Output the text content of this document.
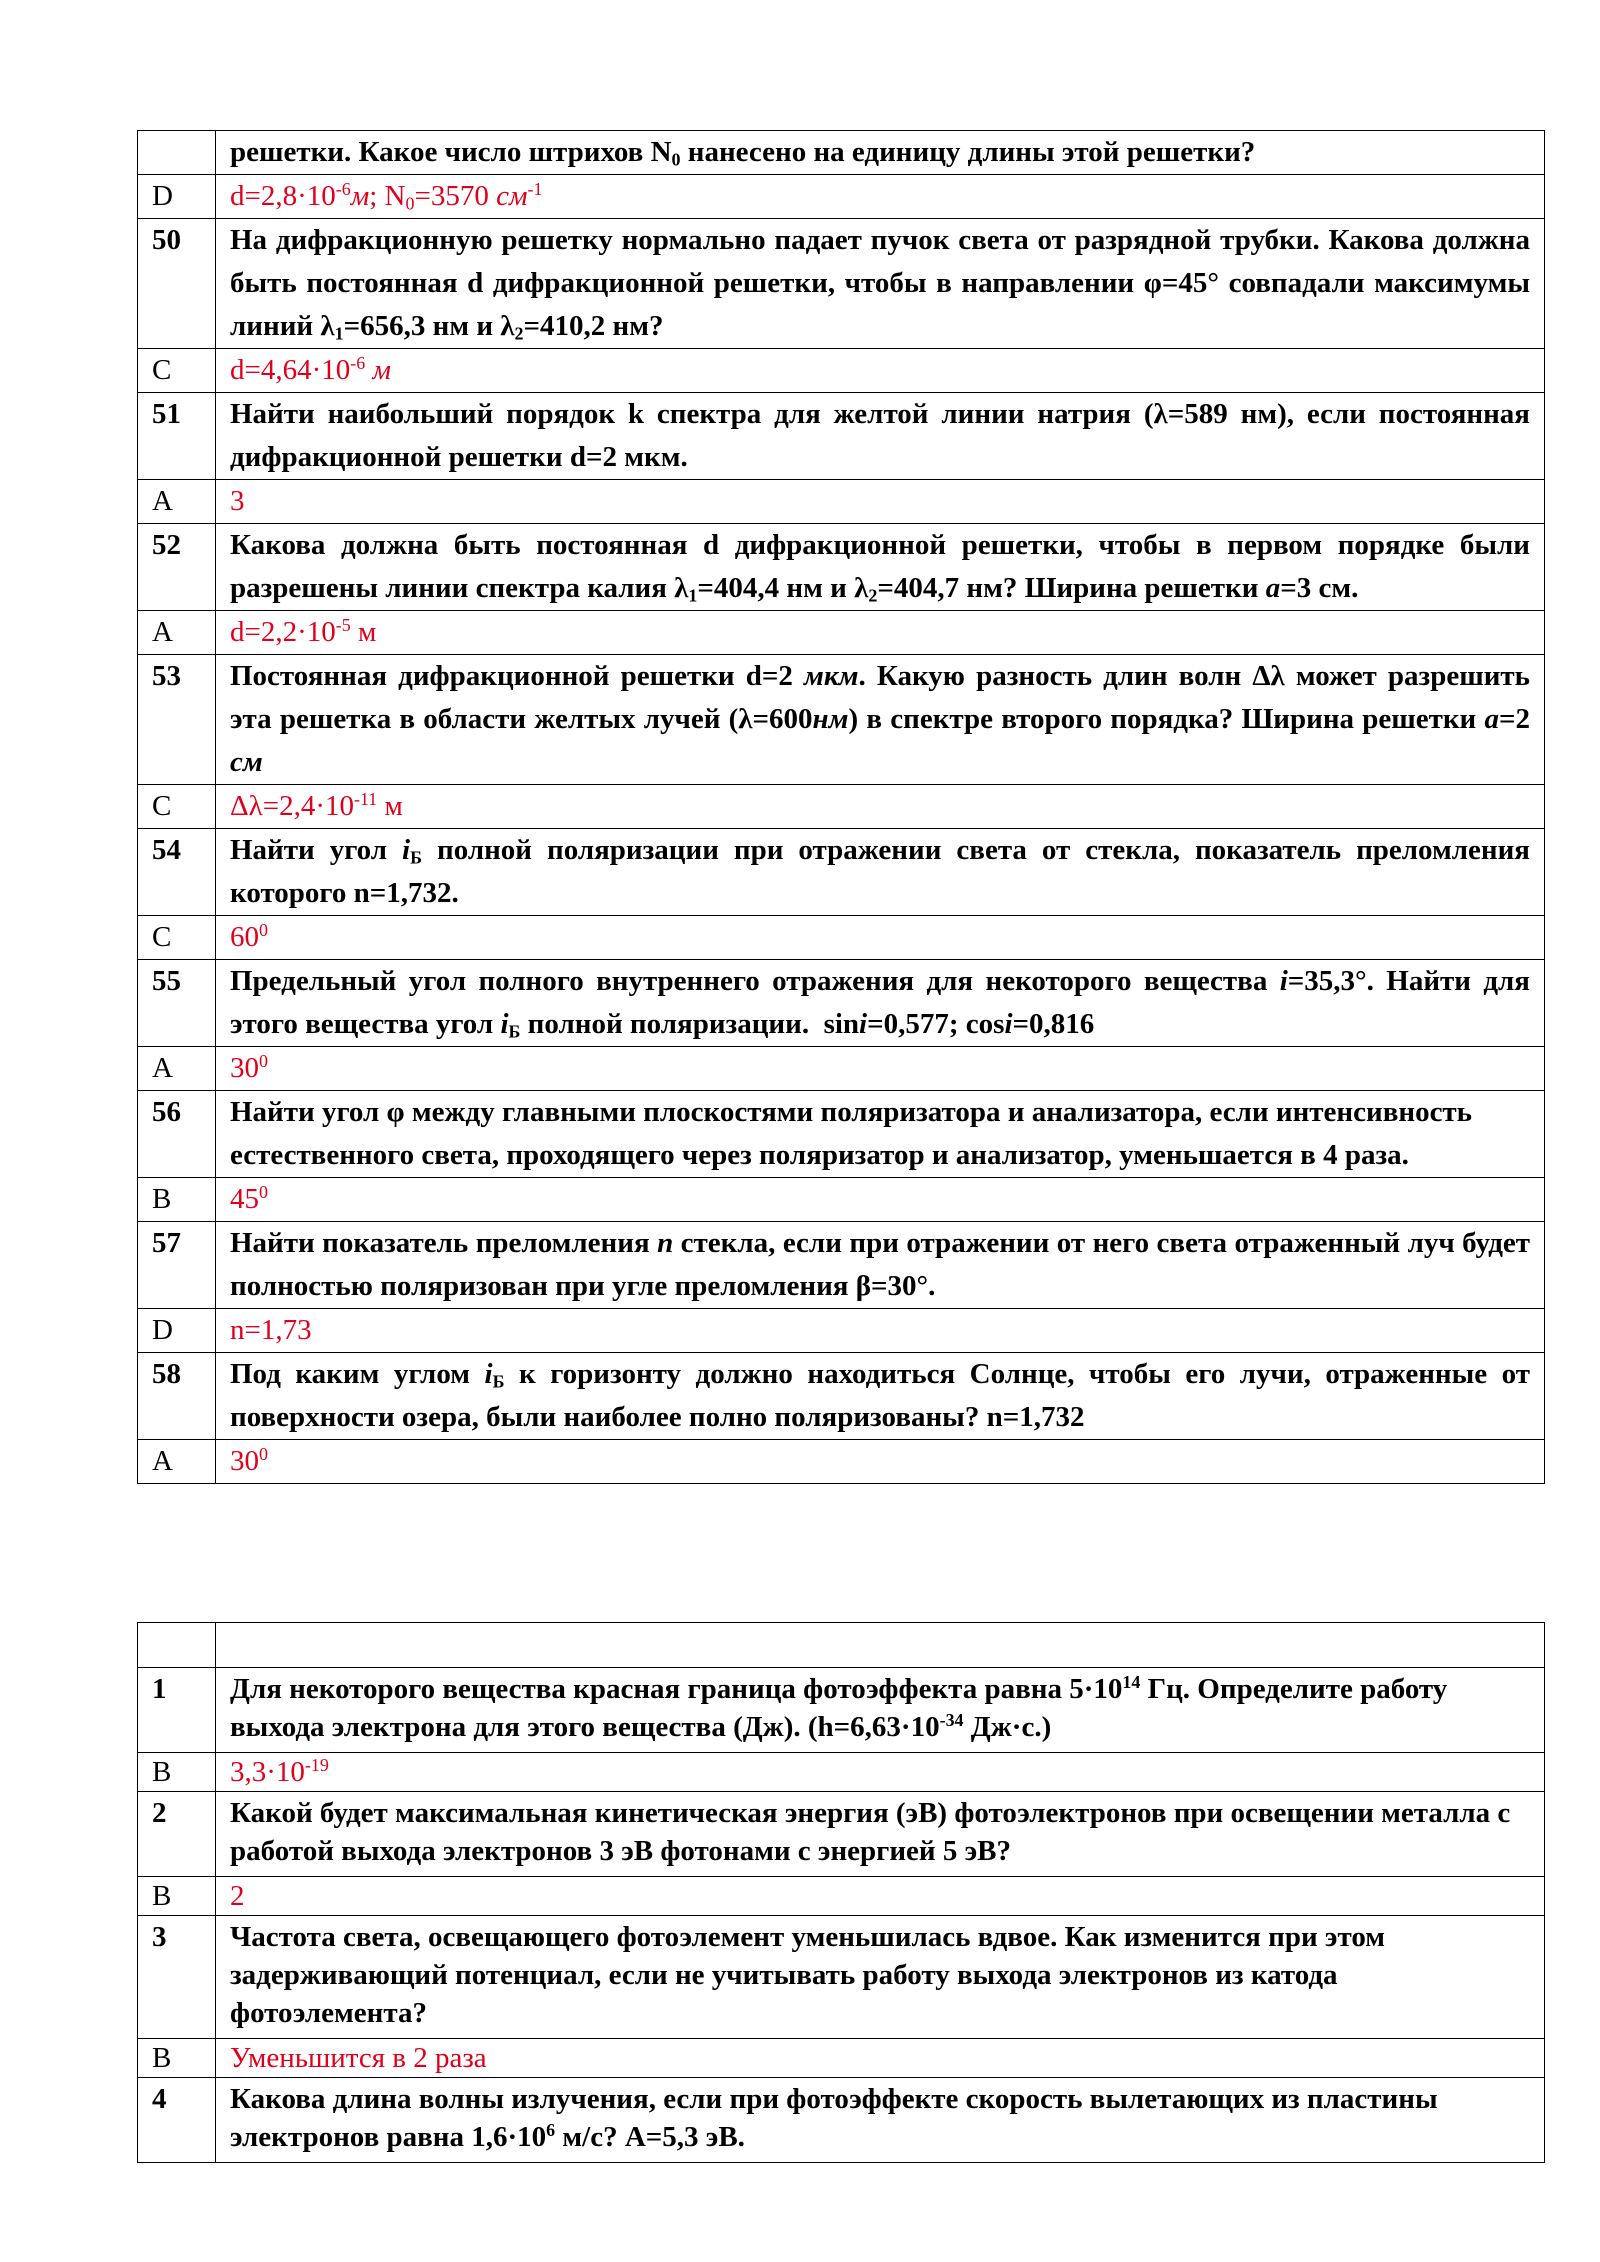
	решетки. Какое число штрихов $N_0$ нанесено на единицу длины этой решетки?
D	$d=2,8\cdot 10^{-6}м$; $N_0=3570$ $см^{-1}$
50	На дифракционную решетку нормально падает пучок света от разрядной трубки. Какова должна быть постоянная d дифракционной решетки, чтобы в направлении φ=45° совпадали максимумы линий $\lambda_1=656,3$ нм и $\lambda_2=410,2$ нм?
C	$d=4,64\cdot 10^{-6}$ м
51	Найти наибольший порядок k спектра для желтой линии натрия (λ=589 нм), если постоянная дифракционной решетки d=2 мкм.
A	3
52	Какова должна быть постоянная d дифракционной решетки, чтобы в первом порядке были разрешены линии спектра калия $\lambda_1=404,4$ нм и $\lambda_2=404,7$ нм? Ширина решетки a=3 см.
A	$d=2,2\cdot 10^{-5}$ м
53	Постоянная дифракционной решетки d=2 мкм. Какую разность длин волн Δλ может разрешить эта решетка в области желтых лучей (λ=600нм) в спектре второго порядка? Ширина решетки a=2 см
C	$\Delta\lambda=2,4\cdot 10^{-11}$ м
54	Найти угол $i_Б$ полной поляризации при отражении света от стекла, показатель преломления которого n=1,732.
C	$60^0$
55	Предельный угол полного внутреннего отражения для некоторого вещества i=35,3°. Найти для этого вещества угол $i_Б$ полной поляризации.  sini=0,577; cosi=0,816
A	$30^0$
56	Найти угол φ между главными плоскостями поляризатора и анализатора, если интенсивность естественного света, проходящего через поляризатор и анализатор, уменьшается в 4 раза.
B	$45^0$
57	Найти показатель преломления n стекла, если при отражении от него света отраженный луч будет полностью поляризован при угле преломления β=30°.
D	n=1,73
58	Под каким углом $i_Б$ к горизонту должно находиться Солнце, чтобы его лучи, отраженные от поверхности озера, были наиболее полно поляризованы? n=1,732
A	$30^0$

1	Для некоторого вещества красная граница фотоэффекта равна $5\cdot 10^{14}$ Гц. Определите работу выхода электрона для этого вещества (Дж). ($h=6,63\cdot 10^{-34}$ Дж·с.)
B	$3,3\cdot 10^{-19}$
2	Какой будет максимальная кинетическая энергия (эВ) фотоэлектронов при освещении металла с работой выхода электронов 3 эВ фотонами с энергией 5 эВ?
B	2
3	Частота света, освещающего фотоэлемент уменьшилась вдвое. Как изменится при этом задерживающий потенциал, если не учитывать работу выхода электронов из катода фотоэлемента?
B	Уменьшится в 2 раза
4	Какова длина волны излучения, если при фотоэффекте скорость вылетающих из пластины электронов равна $1,6\cdot 10^6$ м/с? A=5,3 эВ.
